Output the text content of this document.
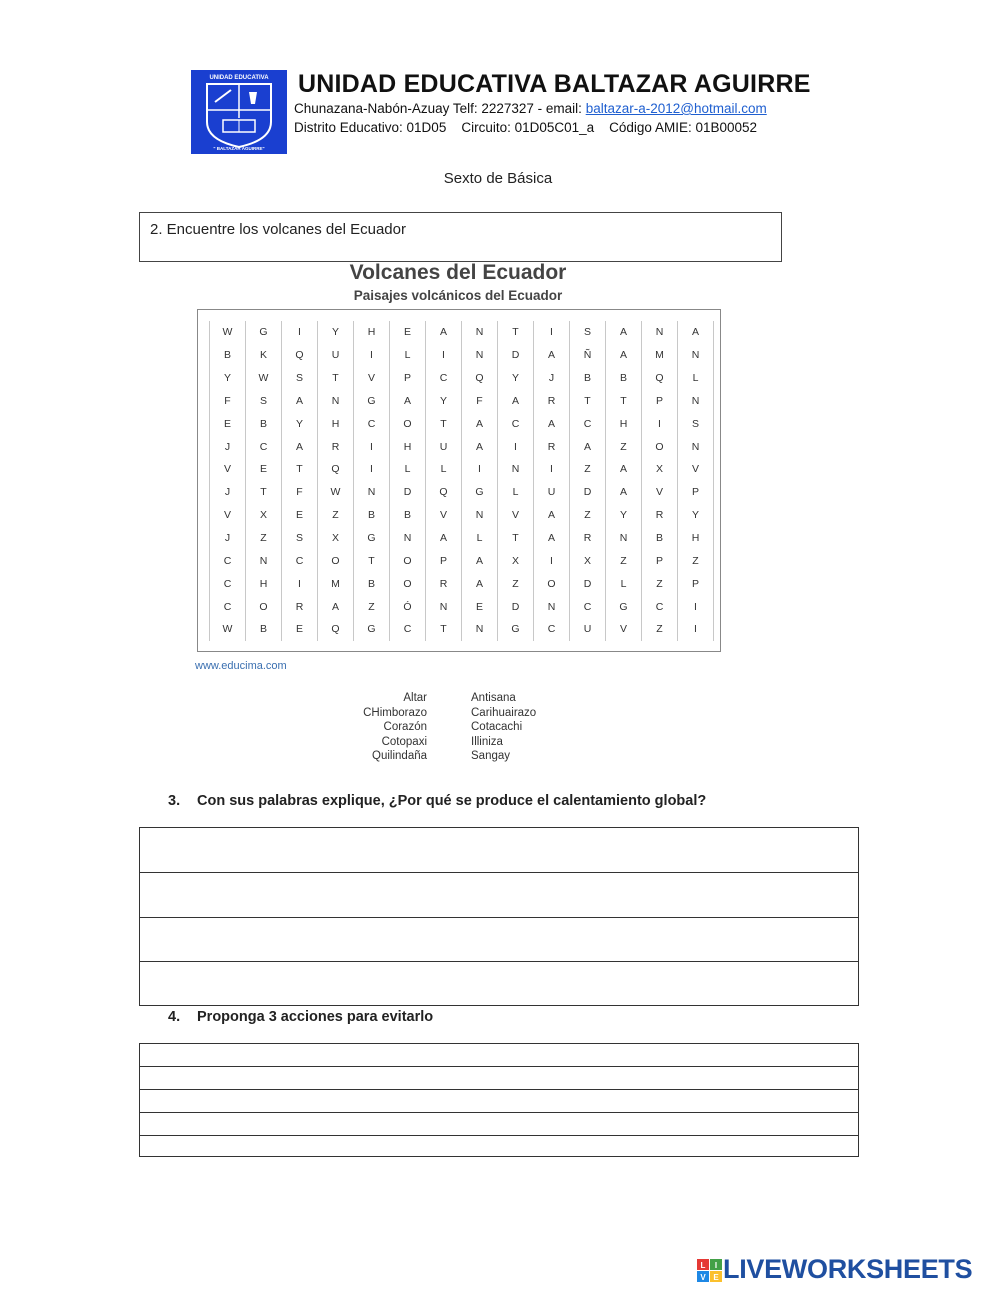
UNIDAD EDUCATIVA
" BALTAZAR AGUIRRE"
UNIDAD EDUCATIVA BALTAZAR AGUIRRE
Chunazana-Nabón-Azuay Telf: 2227327 - email: baltazar-a-2012@hotmail.com
Distrito Educativo: 01D05    Circuito: 01D05C01_a    Código AMIE: 01B00052
Sexto de Básica
2. Encuentre los volcanes del Ecuador
Volcanes del Ecuador
Paisajes volcánicos del Ecuador
W	G	I	Y	H	E	A	N	T	I	S	A	N	A
B	K	Q	U	I	L	I	N	D	A	Ñ	A	M	N
Y	W	S	T	V	P	C	Q	Y	J	B	B	Q	L
F	S	A	N	G	A	Y	F	A	R	T	T	P	N
E	B	Y	H	C	O	T	A	C	A	C	H	I	S
J	C	A	R	I	H	U	A	I	R	A	Z	O	N
V	E	T	Q	I	L	L	I	N	I	Z	A	X	V
J	T	F	W	N	D	Q	G	L	U	D	A	V	P
V	X	E	Z	B	B	V	N	V	A	Z	Y	R	Y
J	Z	S	X	G	N	A	L	T	A	R	N	B	H
C	N	C	O	T	O	P	A	X	I	X	Z	P	Z
C	H	I	M	B	O	R	A	Z	O	D	L	Z	P
C	O	R	A	Z	Ó	N	E	D	N	C	G	C	I
W	B	E	Q	G	C	T	N	G	C	U	V	Z	I
www.educima.com
Altar	Antisana
CHimborazo	Carihuairazo
Corazón	Cotacachi
Cotopaxi	Illiniza
Quilindaña	Sangay
3. Con sus palabras explique, ¿Por qué se produce el calentamiento global?
4. Proponga 3 acciones para evitarlo
L I
V E LIVEWORKSHEETS
